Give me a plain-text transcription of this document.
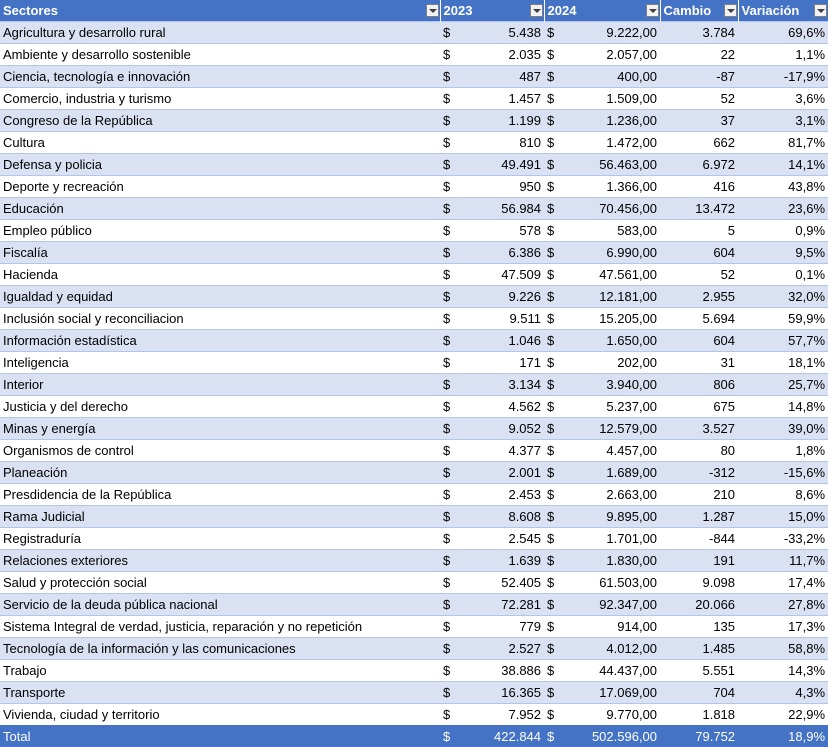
Sectores	2023		2024		Cambio	Variación

Agricultura y desarrollo rural	$	5.438	$	9.222,00	3.784	69,6%
Ambiente y desarrollo sostenible	$	2.035	$	2.057,00	22	1,1%
Ciencia, tecnología e innovación	$	487	$	400,00	-87	-17,9%
Comercio, industria y turismo	$	1.457	$	1.509,00	52	3,6%
Congreso de la República	$	1.199	$	1.236,00	37	3,1%
Cultura	$	810	$	1.472,00	662	81,7%
Defensa y policia	$	49.491	$	56.463,00	6.972	14,1%
Deporte y recreación	$	950	$	1.366,00	416	43,8%
Educación	$	56.984	$	70.456,00	13.472	23,6%
Empleo público	$	578	$	583,00	5	0,9%
Fiscalía	$	6.386	$	6.990,00	604	9,5%
Hacienda	$	47.509	$	47.561,00	52	0,1%
Igualdad y equidad	$	9.226	$	12.181,00	2.955	32,0%
Inclusión social y reconciliacion	$	9.511	$	15.205,00	5.694	59,9%
Información estadística	$	1.046	$	1.650,00	604	57,7%
Inteligencia	$	171	$	202,00	31	18,1%
Interior	$	3.134	$	3.940,00	806	25,7%
Justicia y del derecho	$	4.562	$	5.237,00	675	14,8%
Minas y energía	$	9.052	$	12.579,00	3.527	39,0%
Organismos de control	$	4.377	$	4.457,00	80	1,8%
Planeación	$	2.001	$	1.689,00	-312	-15,6%
Presdidencia de la República	$	2.453	$	2.663,00	210	8,6%
Rama Judicial	$	8.608	$	9.895,00	1.287	15,0%
Registraduría	$	2.545	$	1.701,00	-844	-33,2%
Relaciones exteriores	$	1.639	$	1.830,00	191	11,7%
Salud y protección social	$	52.405	$	61.503,00	9.098	17,4%
Servicio de la deuda pública nacional	$	72.281	$	92.347,00	20.066	27,8%
Sistema Integral de verdad, justicia, reparación y no repetición	$	779	$	914,00	135	17,3%
Tecnología de la información y las comunicaciones	$	2.527	$	4.012,00	1.485	58,8%
Trabajo	$	38.886	$	44.437,00	5.551	14,3%
Transporte	$	16.365	$	17.069,00	704	4,3%
Vivienda, ciudad y territorio	$	7.952	$	9.770,00	1.818	22,9%
Total	$	422.844	$	502.596,00	79.752	18,9%
